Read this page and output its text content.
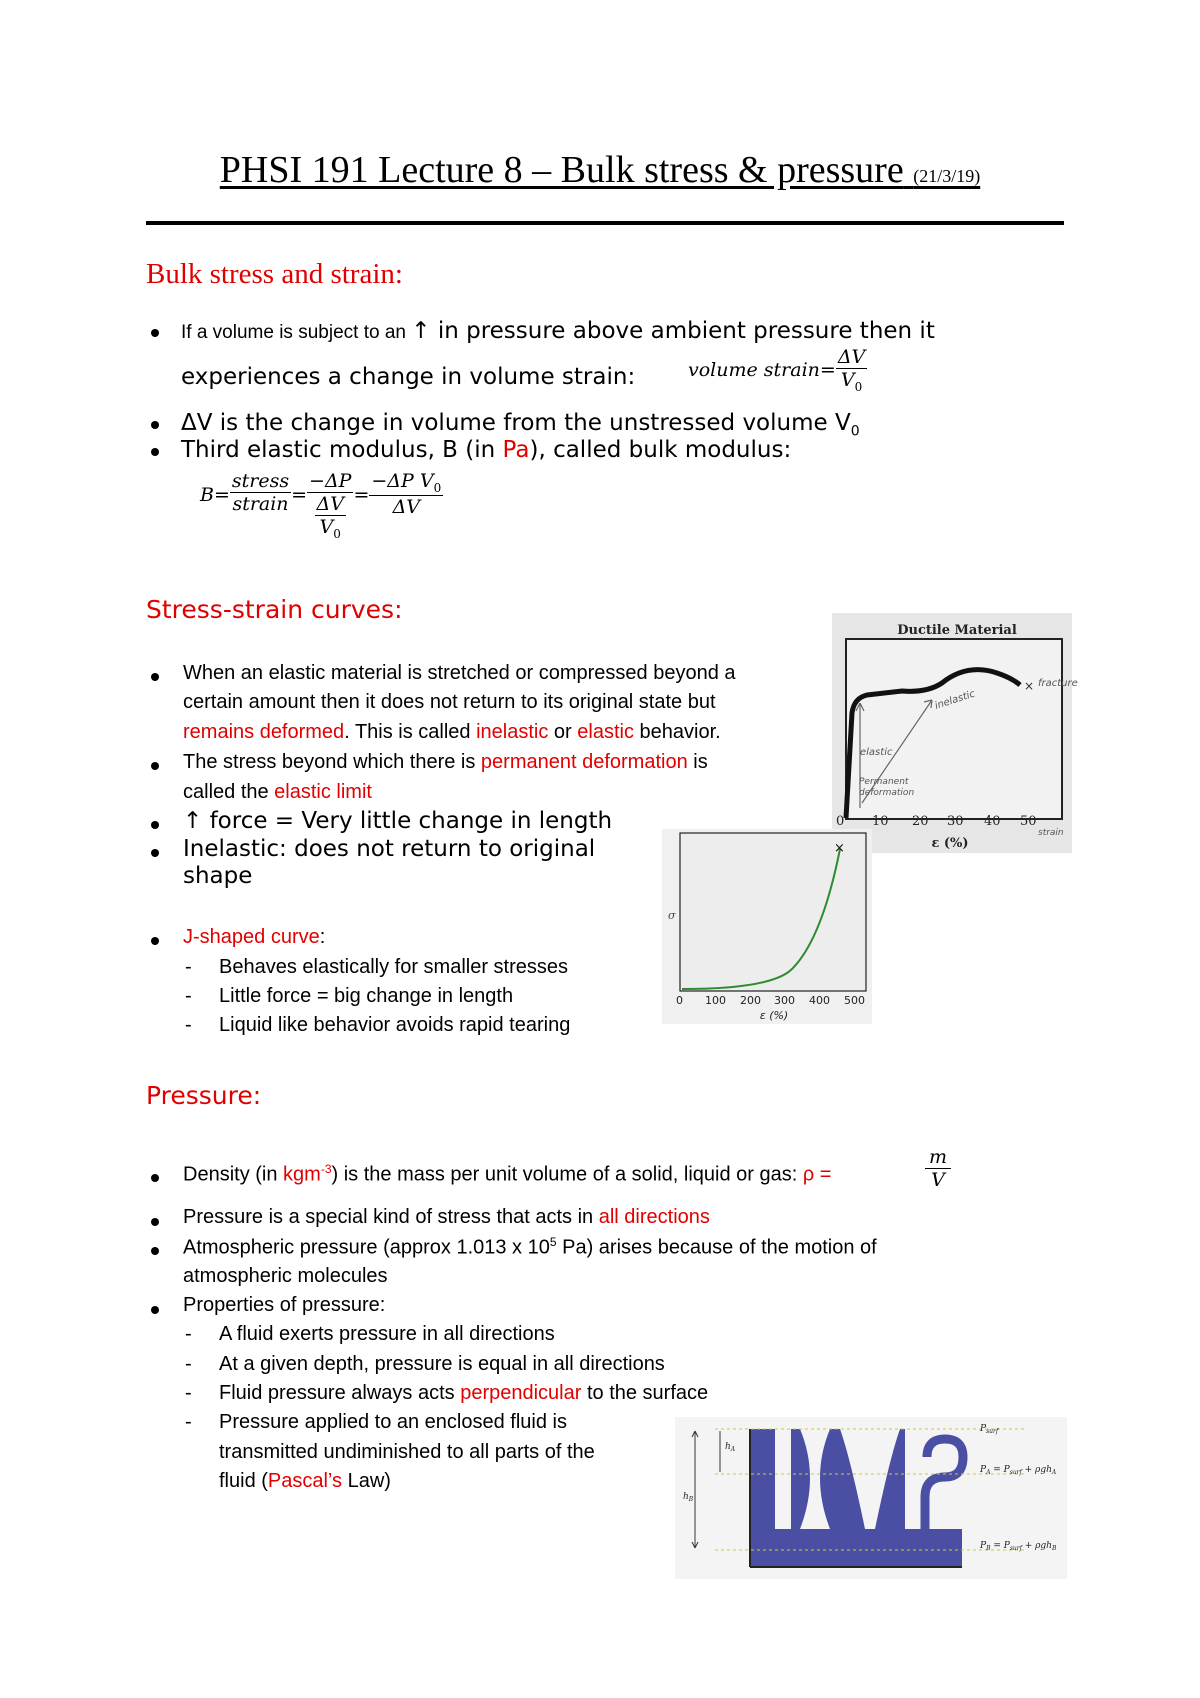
PHSI 191 Lecture 8 – Bulk stress & pressure (21/3/19)
Bulk stress and strain:
If a volume is subject to an ↑ in pressure above ambient pressure then it
experiences a change in volume strain:	volume strain= $\frac{\Delta V}{V_0}$
ΔV is the change in volume from the unstressed volume $V_0$
Third elastic modulus, B (in Pa), called bulk modulus:
$B= \frac{\text{stress}}{\text{strain}} = \frac{-\Delta P}{\frac{\Delta V}{V_0}} = \frac{-\Delta P V_0}{\Delta V}$
Stress-strain curves:
When an elastic material is stretched or compressed beyond a
certain amount then it does not return to its original state but
remains deformed. This is called inelastic or elastic behavior.
The stress beyond which there is permanent deformation is
called the elastic limit
↑ force = Very little change in length
Inelastic: does not return to original
shape
J-shaped curve:
- Behaves elastically for smaller stresses
- Little force = big change in length
- Liquid like behavior avoids rapid tearing
Ductile Material
× fracture
inelastic
elastic
Permanent
deformation
0 10 20 30 40 50
ε (%)
strain
×
σ
0 100 200 300 400 500
ε (%)
Pressure:
Density (in kgm$^{-3}$) is the mass per unit volume of a solid, liquid or gas: ρ =	$\frac{m}{V}$
Pressure is a special kind of stress that acts in all directions
Atmospheric pressure (approx 1.013 x $10^5$ Pa) arises because of the motion of
atmospheric molecules
Properties of pressure:
- A fluid exerts pressure in all directions
- At a given depth, pressure is equal in all directions
- Fluid pressure always acts perpendicular to the surface
- Pressure applied to an enclosed fluid is
transmitted undiminished to all parts of the
fluid (Pascal’s Law)
$h_A$
$h_B$
$P_{surf}$
$P_A = P_{surf} + \rho gh_A$
$P_B = P_{surf} + \rho gh_B$
